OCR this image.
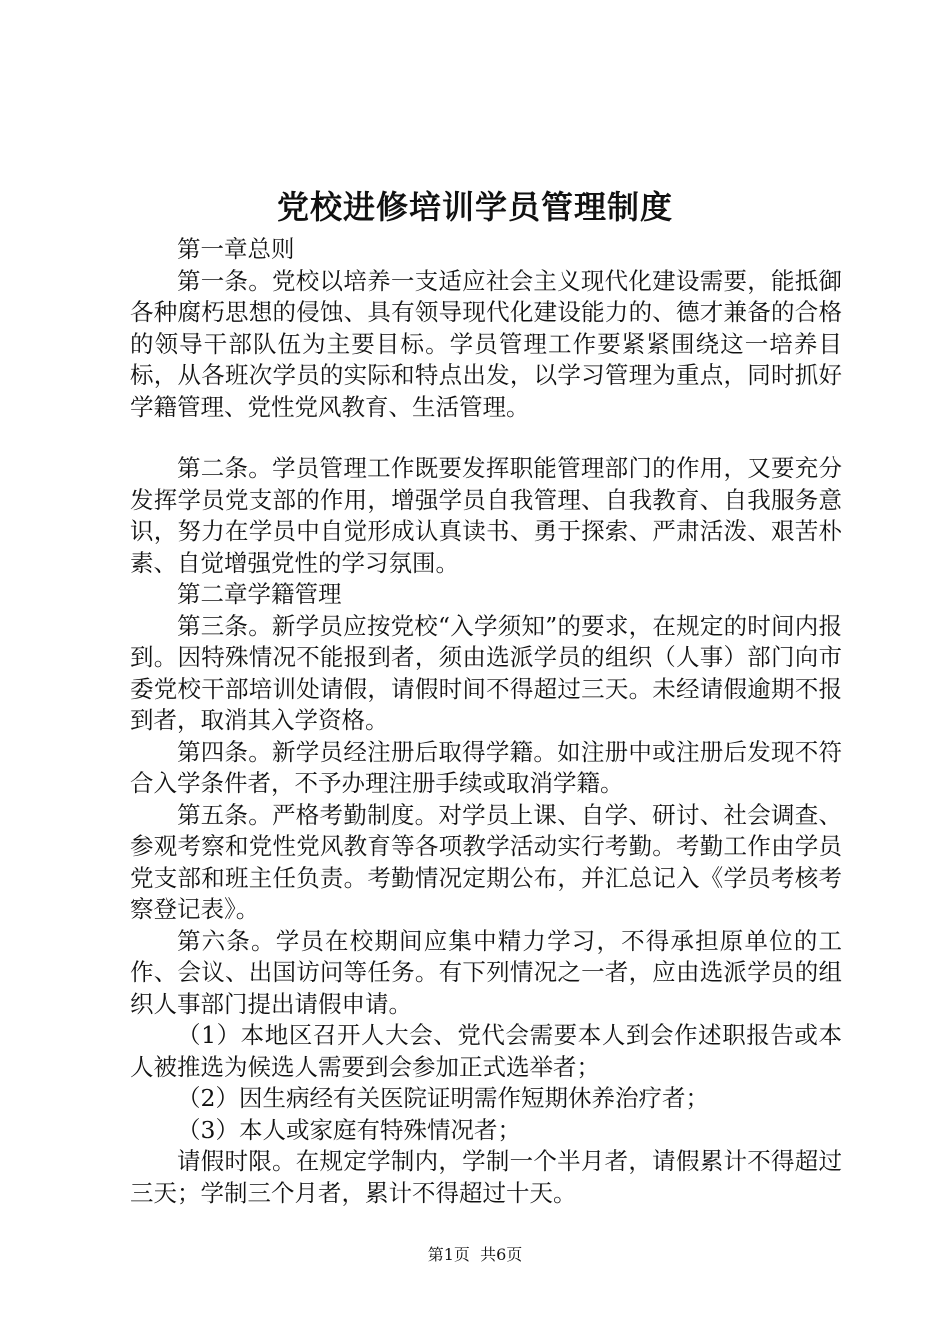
党校进修培训学员管理制度

第一章总则

第一条。党校以培养一支适应社会主义现代化建设需要，能抵御各种腐朽思想的侵蚀、具有领导现代化建设能力的、德才兼备的合格的领导干部队伍为主要目标。学员管理工作要紧紧围绕这一培养目标，从各班次学员的实际和特点出发，以学习管理为重点，同时抓好学籍管理、党性党风教育、生活管理。

第二条。学员管理工作既要发挥职能管理部门的作用，又要充分发挥学员党支部的作用，增强学员自我管理、自我教育、自我服务意识，努力在学员中自觉形成认真读书、勇于探索、严肃活泼、艰苦朴素、自觉增强党性的学习氛围。

第二章学籍管理

第三条。新学员应按党校“入学须知”的要求，在规定的时间内报到。因特殊情况不能报到者，须由选派学员的组织（人事）部门向市委党校干部培训处请假，请假时间不得超过三天。未经请假逾期不报到者，取消其入学资格。

第四条。新学员经注册后取得学籍。如注册中或注册后发现不符合入学条件者，不予办理注册手续或取消学籍。

第五条。严格考勤制度。对学员上课、自学、研讨、社会调查、参观考察和党性党风教育等各项教学活动实行考勤。考勤工作由学员党支部和班主任负责。考勤情况定期公布，并汇总记入《学员考核考察登记表》。

第六条。学员在校期间应集中精力学习，不得承担原单位的工作、会议、出国访问等任务。有下列情况之一者，应由选派学员的组织人事部门提出请假申请。

（1）本地区召开人大会、党代会需要本人到会作述职报告或本人被推选为候选人需要到会参加正式选举者；

（2）因生病经有关医院证明需作短期休养治疗者；

（3）本人或家庭有特殊情况者；

请假时限。在规定学制内，学制一个半月者，请假累计不得超过三天；学制三个月者，累计不得超过十天。

第1页 共6页
